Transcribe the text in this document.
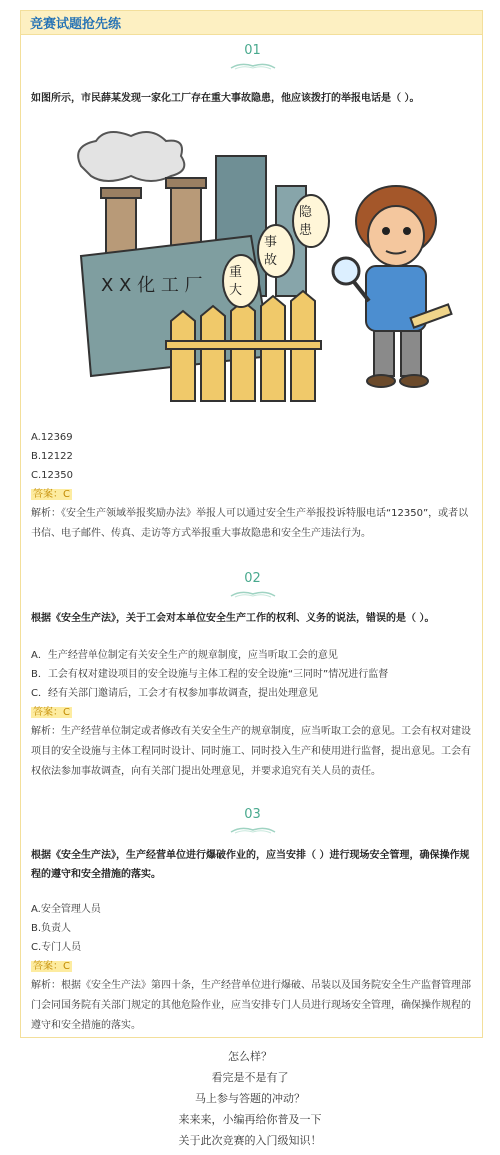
竞赛试题抢先练
01
如图所示，市民薛某发现一家化工厂存在重大事故隐患，他应该拨打的举报电话是（ ）。
X X 化 工 厂
重
大
事
故
隐
患
A.12369
B.12122
C.12350
答案：C
解析：《安全生产领域举报奖励办法》举报人可以通过安全生产举报投诉特服电话“12350”，或者以书信、电子邮件、传真、走访等方式举报重大事故隐患和安全生产违法行为。
02
根据《安全生产法》，关于工会对本单位安全生产工作的权利、义务的说法，错误的是（ ）。
A．生产经营单位制定有关安全生产的规章制度，应当听取工会的意见
B．工会有权对建设项目的安全设施与主体工程的安全设施“三同时”情况进行监督
C．经有关部门邀请后，工会才有权参加事故调查，提出处理意见
答案：C
解析：生产经营单位制定或者修改有关安全生产的规章制度，应当听取工会的意见。工会有权对建设项目的安全设施与主体工程同时设计、同时施工、同时投入生产和使用进行监督，提出意见。工会有权依法参加事故调查，向有关部门提出处理意见，并要求追究有关人员的责任。
03
根据《安全生产法》，生产经营单位进行爆破作业的，应当安排（ ）进行现场安全管理，确保操作规程的遵守和安全措施的落实。
A.安全管理人员
B.负责人
C.专门人员
答案：C
解析：根据《安全生产法》第四十条，生产经营单位进行爆破、吊装以及国务院安全生产监督管理部门会同国务院有关部门规定的其他危险作业，应当安排专门人员进行现场安全管理，确保操作规程的遵守和安全措施的落实。
怎么样？
看完是不是有了
马上参与答题的冲动？
来来来，小编再给你普及一下
关于此次竞赛的入门级知识！
